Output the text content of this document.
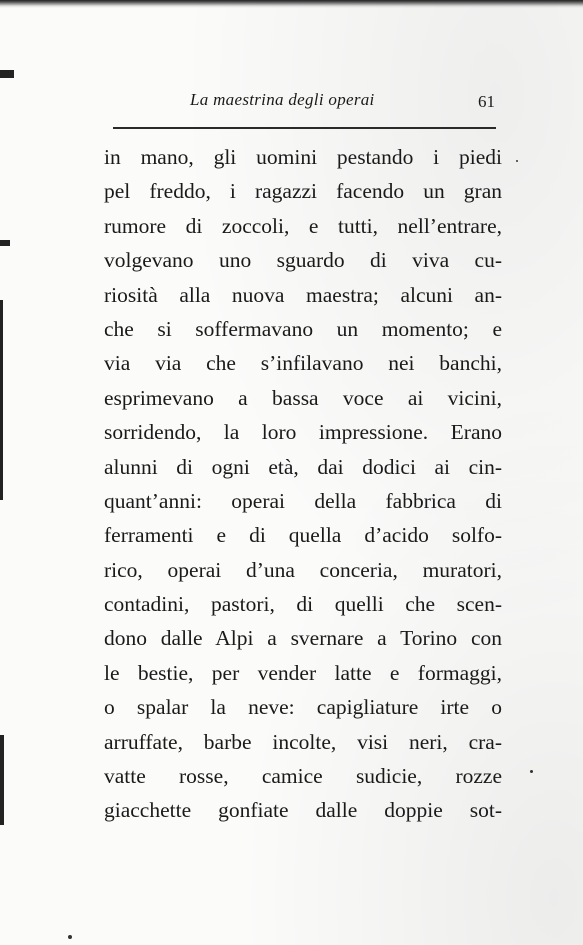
La maestrina degli operai	61
in mano, gli uomini pestando i piedi
pel freddo, i ragazzi facendo un gran
rumore di zoccoli, e tutti, nell’entrare,
volgevano uno sguardo di viva cu-
riosità alla nuova maestra; alcuni an-
che si soffermavano un momento; e
via via che s’infilavano nei banchi,
esprimevano a bassa voce ai vicini,
sorridendo, la loro impressione. Erano
alunni di ogni età, dai dodici ai cin-
quant’anni: operai della fabbrica di
ferramenti e di quella d’acido solfo-
rico, operai d’una conceria, muratori,
contadini, pastori, di quelli che scen-
dono dalle Alpi a svernare a Torino con
le bestie, per vender latte e formaggi,
o spalar la neve: capigliature irte o
arruffate, barbe incolte, visi neri, cra-
vatte rosse, camice sudicie, rozze
giacchette gonfiate dalle doppie sot-
